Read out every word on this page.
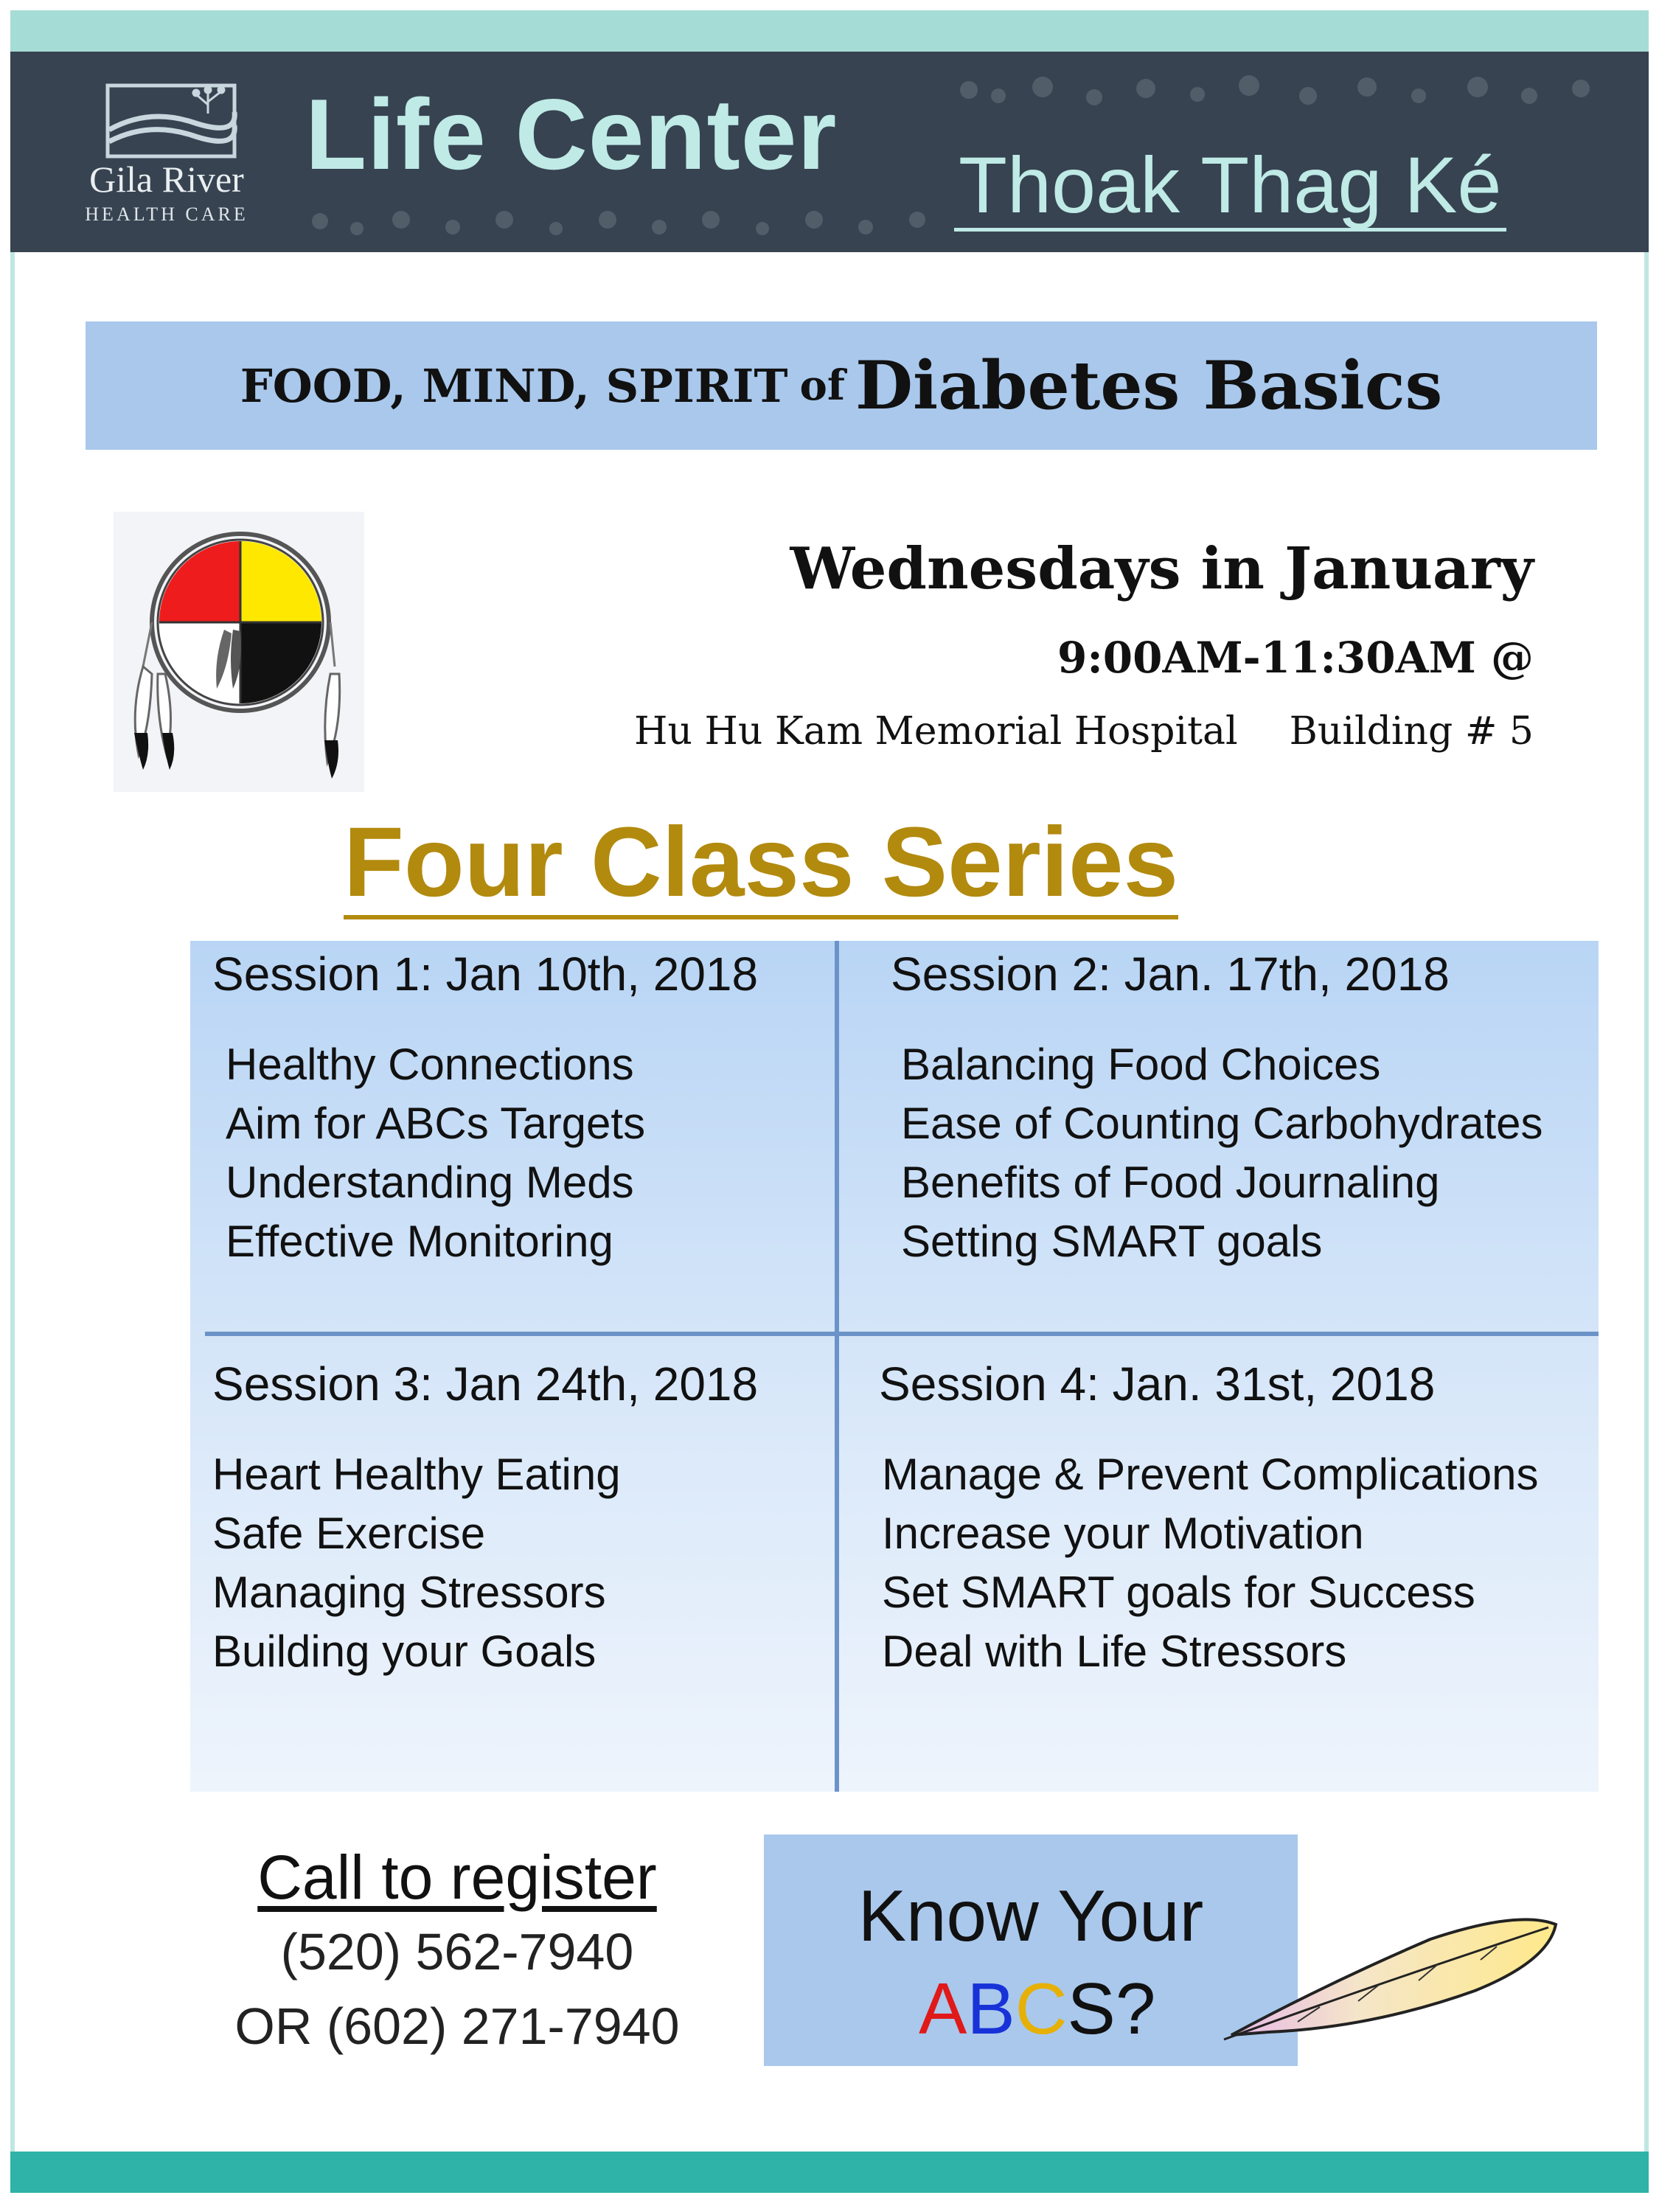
Gila River
HEALTH CARE
Life Center Thoak Thag Ké
FOOD, MIND, SPIRIT of Diabetes Basics
Wednesdays in January
9:00AM-11:30AM @
Hu Hu Kam Memorial Hospital Building # 5
Four Class Series
Session 1: Jan 10th, 2018
Healthy Connections
Aim for ABCs Targets
Understanding Meds
Effective Monitoring
Session 2: Jan. 17th, 2018
Balancing Food Choices
Ease of Counting Carbohydrates
Benefits of Food Journaling
Setting SMART goals
Session 3: Jan 24th, 2018
Heart Healthy Eating
Safe Exercise
Managing Stressors
Building your Goals
Session 4: Jan. 31st, 2018
Manage & Prevent Complications
Increase your Motivation
Set SMART goals for Success
Deal with Life Stressors
Call to register
(520) 562-7940
OR (602) 271-7940
Know Your
ABCS?
